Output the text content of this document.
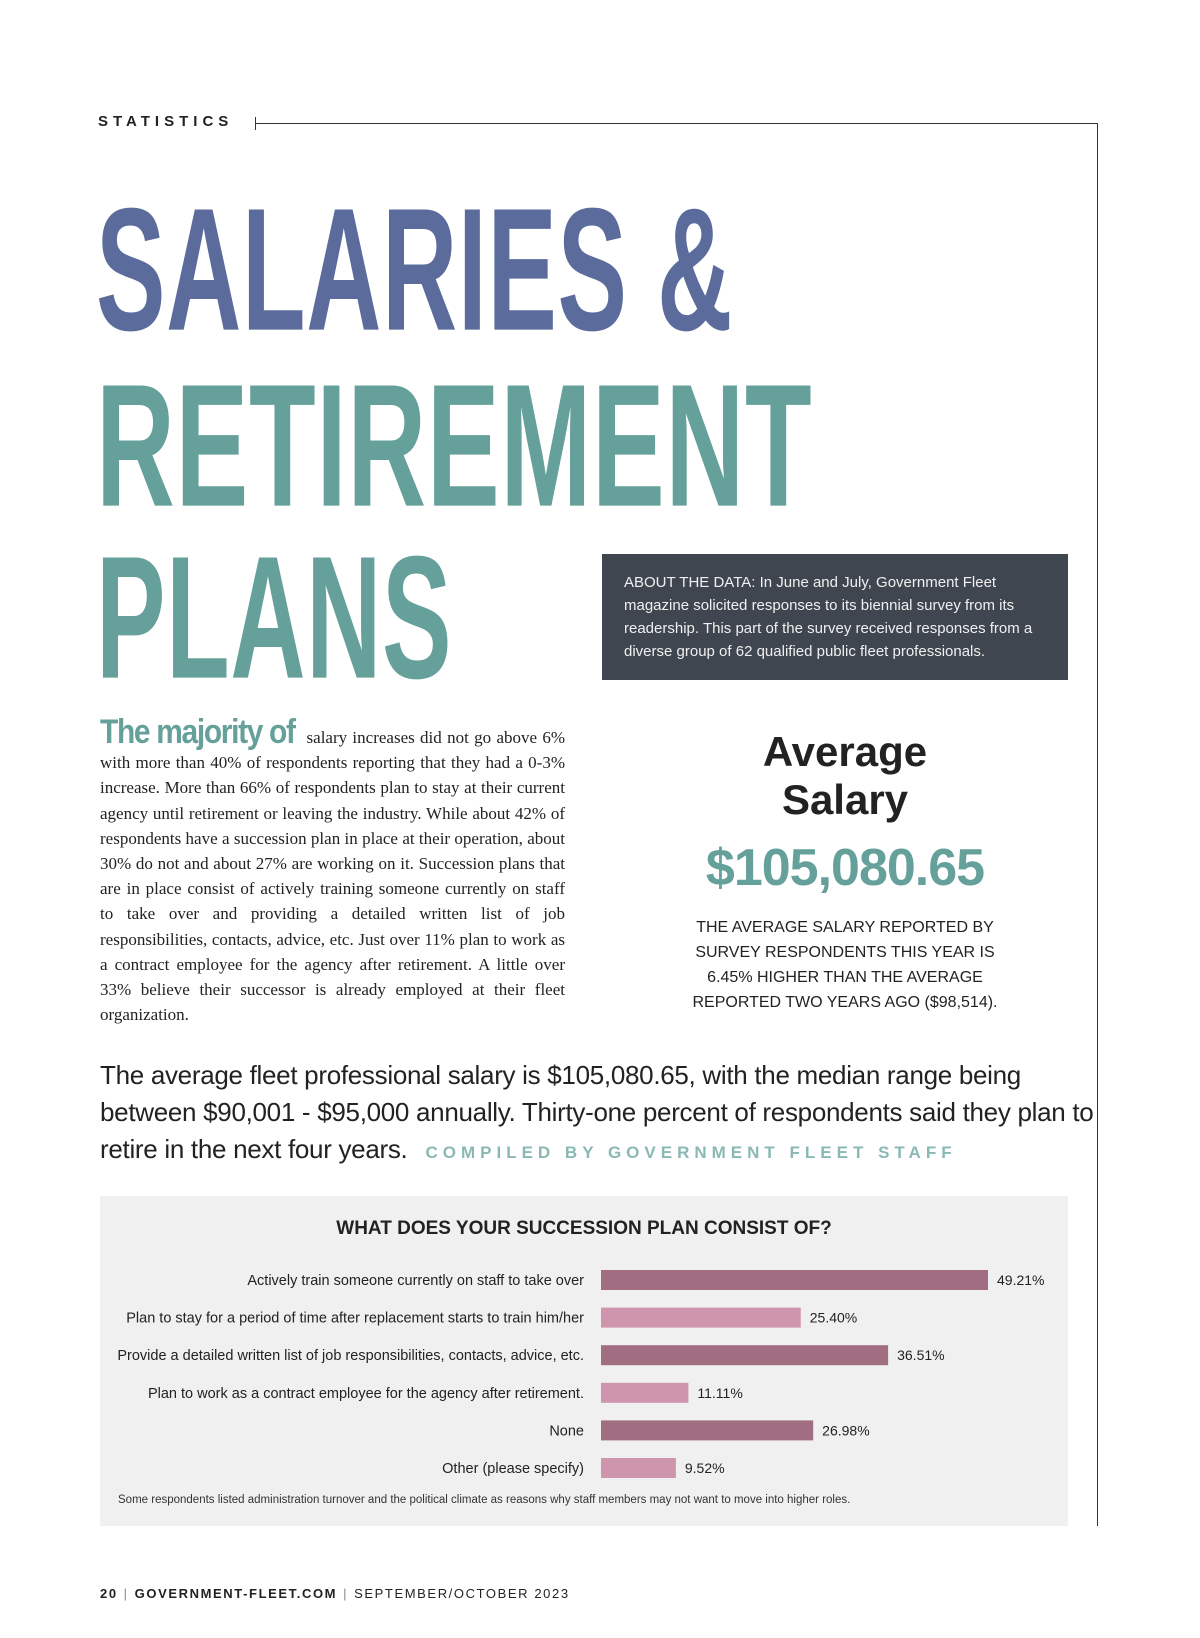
STATISTICS
SALARIES &
RETIREMENT
PLANS	ABOUT THE DATA: In June and July, Government Fleet magazine solicited responses to its biennial survey from its readership. This part of the survey received responses from a diverse group of 62 qualified public fleet professionals.
The majority of salary increases did not go above 6% with more than 40% of respondents reporting that they had a 0-3% increase. More than 66% of respondents plan to stay at their current agency until retirement or leaving the industry. While about 42% of respondents have a succession plan in place at their operation, about 30% do not and about 27% are working on it. Succession plans that are in place consist of actively training someone currently on staff to take over and providing a detailed written list of job responsibilities, contacts, advice, etc. Just over 11% plan to work as a contract employee for the agency after retirement. A little over 33% believe their successor is already employed at their fleet organization.
Average
Salary
$105,080.65
THE AVERAGE SALARY REPORTED BY SURVEY RESPONDENTS THIS YEAR IS 6.45% HIGHER THAN THE AVERAGE REPORTED TWO YEARS AGO ($98,514).
The average fleet professional salary is $105,080.65, with the median range being between $90,001 - $95,000 annually. Thirty-one percent of respondents said they plan to retire in the next four years. COMPILED BY GOVERNMENT FLEET STAFF
WHAT DOES YOUR SUCCESSION PLAN CONSIST OF?
Actively train someone currently on staff to take over	49.21%
Plan to stay for a period of time after replacement starts to train him/her	25.40%
Provide a detailed written list of job responsibilities, contacts, advice, etc.	36.51%
Plan to work as a contract employee for the agency after retirement.	11.11%
None	26.98%
Other (please specify)	9.52%
Some respondents listed administration turnover and the political climate as reasons why staff members may not want to move into higher roles.
20 | GOVERNMENT-FLEET.COM | SEPTEMBER/OCTOBER 2023
